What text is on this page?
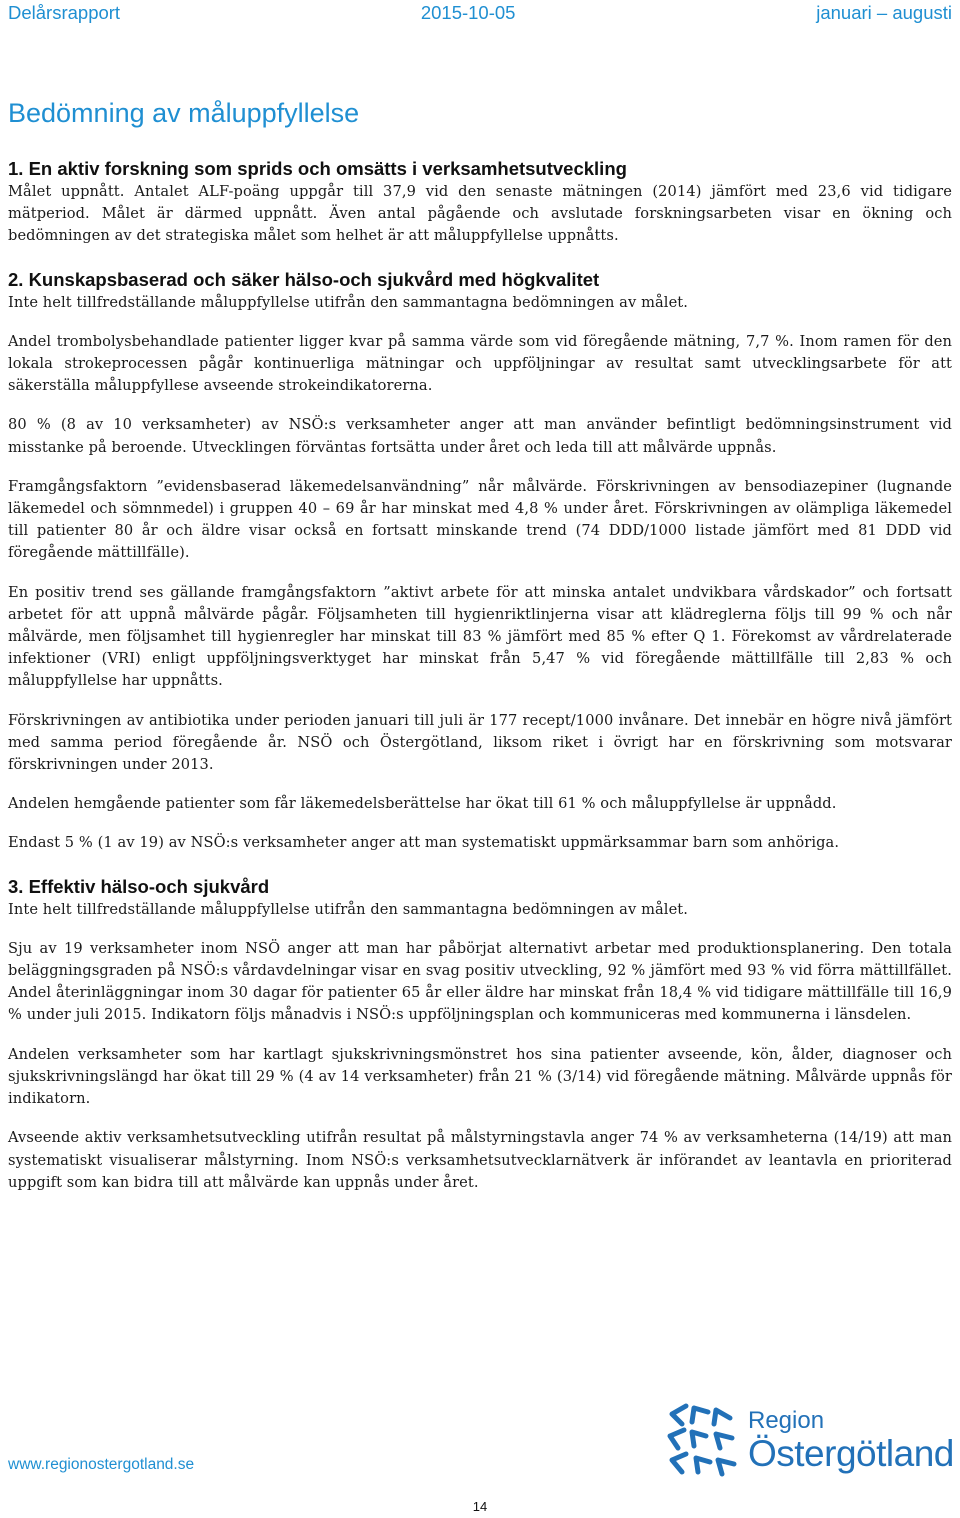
Delårsrapport	2015-10-05	januari – augusti
Bedömning av måluppfyllelse
1. En aktiv forskning som sprids och omsätts i verksamhetsutveckling

Målet uppnått. Antalet ALF-poäng uppgår till 37,9 vid den senaste mätningen (2014) jämfört med 23,6 vid tidigare mätperiod. Målet är därmed uppnått. Även antal pågående och avslutade forskningsarbeten visar en ökning och bedömningen av det strategiska målet som helhet är att måluppfyllelse uppnåtts.

2. Kunskapsbaserad och säker hälso-och sjukvård med högkvalitet

Inte helt tillfredställande måluppfyllelse utifrån den sammantagna bedömningen av målet.

Andel trombolysbehandlade patienter ligger kvar på samma värde som vid föregående mätning, 7,7 %. Inom ramen för den lokala strokeprocessen pågår kontinuerliga mätningar och uppföljningar av resultat samt utvecklingsarbete för att säkerställa måluppfyllese avseende strokeindikatorerna.

80 % (8 av 10 verksamheter) av NSÖ:s verksamheter anger att man använder befintligt bedömningsinstrument vid misstanke på beroende. Utvecklingen förväntas fortsätta under året och leda till att målvärde uppnås.

Framgångsfaktorn ”evidensbaserad läkemedelsanvändning” når målvärde. Förskrivningen av bensodiazepiner (lugnande läkemedel och sömnmedel) i gruppen 40 – 69 år har minskat med 4,8 % under året. Förskrivningen av olämpliga läkemedel till patienter 80 år och äldre visar också en fortsatt minskande trend (74 DDD/1000 listade jämfört med 81 DDD vid föregående mättillfälle).

En positiv trend ses gällande framgångsfaktorn ”aktivt arbete för att minska antalet undvikbara vårdskador” och fortsatt arbetet för att uppnå målvärde pågår. Följsamheten till hygienriktlinjerna visar att klädreglerna följs till 99 % och når målvärde, men följsamhet till hygienregler har minskat till 83 % jämfört med 85 % efter Q 1. Förekomst av vårdrelaterade infektioner (VRI) enligt uppföljningsverktyget har minskat från 5,47 % vid föregående mättillfälle till 2,83 % och måluppfyllelse har uppnåtts.

Förskrivningen av antibiotika under perioden januari till juli är 177 recept/1000 invånare. Det innebär en högre nivå jämfört med samma period föregående år. NSÖ och Östergötland, liksom riket i övrigt har en förskrivning som motsvarar förskrivningen under 2013.

Andelen hemgående patienter som får läkemedelsberättelse har ökat till 61 % och måluppfyllelse är uppnådd.

Endast 5 % (1 av 19) av NSÖ:s verksamheter anger att man systematiskt uppmärksammar barn som anhöriga.

3. Effektiv hälso-och sjukvård

Inte helt tillfredställande måluppfyllelse utifrån den sammantagna bedömningen av målet.

Sju av 19 verksamheter inom NSÖ anger att man har påbörjat alternativt arbetar med produktionsplanering. Den totala beläggningsgraden på NSÖ:s vårdavdelningar visar en svag positiv utveckling, 92 % jämfört med 93 % vid förra mättillfället. Andel återinläggningar inom 30 dagar för patienter 65 år eller äldre har minskat från 18,4 % vid tidigare mättillfälle till 16,9 % under juli 2015. Indikatorn följs månadvis i NSÖ:s uppföljningsplan och kommuniceras med kommunerna i länsdelen.

Andelen verksamheter som har kartlagt sjukskrivningsmönstret hos sina patienter avseende, kön, ålder, diagnoser och sjukskrivningslängd har ökat till 29 % (4 av 14 verksamheter) från 21 % (3/14) vid föregående mätning. Målvärde uppnås för indikatorn.

Avseende aktiv verksamhetsutveckling utifrån resultat på målstyrningstavla anger 74 % av verksamheterna (14/19) att man systematiskt visualiserar målstyrning. Inom NSÖ:s verksamhetsutvecklarnätverk är införandet av leantavla en prioriterad uppgift som kan bidra till att målvärde kan uppnås under året.

www.regionostergotland.se
Region
Östergötland
14
